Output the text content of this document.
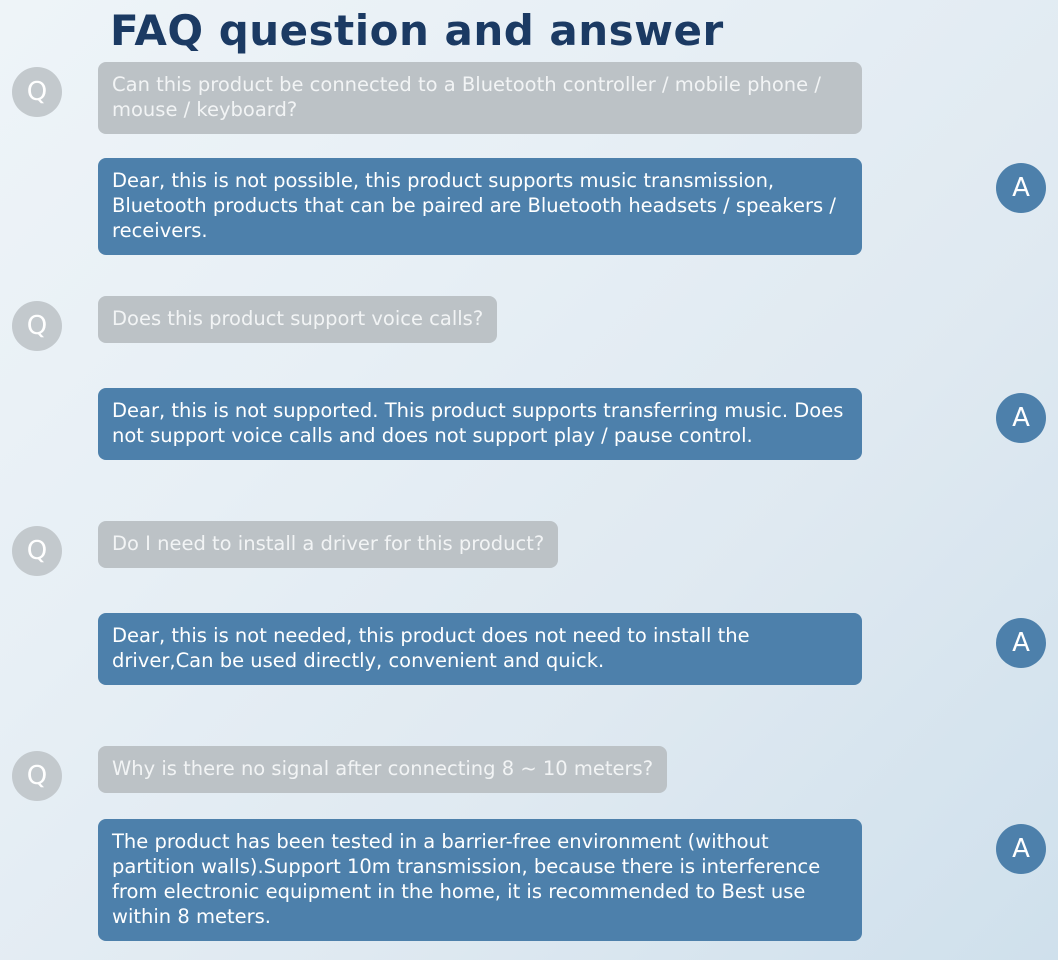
FAQ question and answer
Q	Can this product be connected to a Bluetooth controller / mobile phone / mouse / keyboard?
Dear, this is not possible, this product supports music transmission, Bluetooth products that can be paired are Bluetooth headsets / speakers / receivers.
A
Q	Does this product support voice calls?
Dear, this is not supported. This product supports transferring music. Does not support voice calls and does not support play / pause control.
A
Q	Do I need to install a driver for this product?
Dear, this is not needed, this product does not need to install the driver,Can be used directly, convenient and quick.
A
Q	Why is there no signal after connecting 8 ~ 10 meters?
The product has been tested in a barrier-free environment (without partition walls).Support 10m transmission, because there is interference from electronic equipment in the home, it is recommended to Best use within 8 meters.
A
